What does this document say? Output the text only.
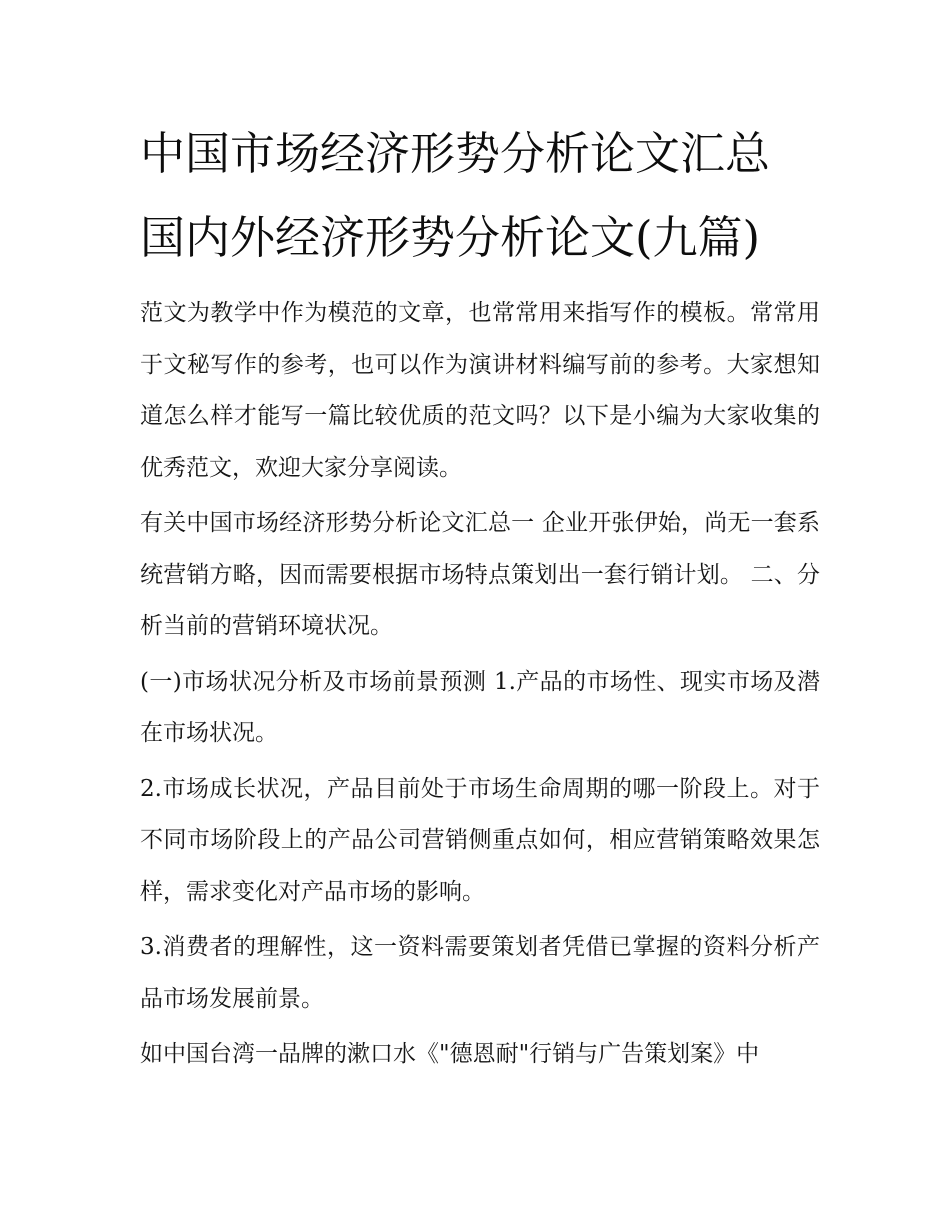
中国市场经济形势分析论文汇总 国内外经济形势分析论文(九篇)

范文为教学中作为模范的文章，也常常用来指写作的模板。常常用于文秘写作的参考，也可以作为演讲材料编写前的参考。大家想知道怎么样才能写一篇比较优质的范文吗？以下是小编为大家收集的优秀范文，欢迎大家分享阅读。

有关中国市场经济形势分析论文汇总一 企业开张伊始，尚无一套系统营销方略，因而需要根据市场特点策划出一套行销计划。 二、分析当前的营销环境状况。

(一)市场状况分析及市场前景预测 1.产品的市场性、现实市场及潜在市场状况。

2.市场成长状况，产品目前处于市场生命周期的哪一阶段上。对于不同市场阶段上的产品公司营销侧重点如何，相应营销策略效果怎样，需求变化对产品市场的影响。

3.消费者的理解性，这一资料需要策划者凭借已掌握的资料分析产品市场发展前景。

如中国台湾一品牌的漱口水《"德恩耐"行销与广告策划案》中
